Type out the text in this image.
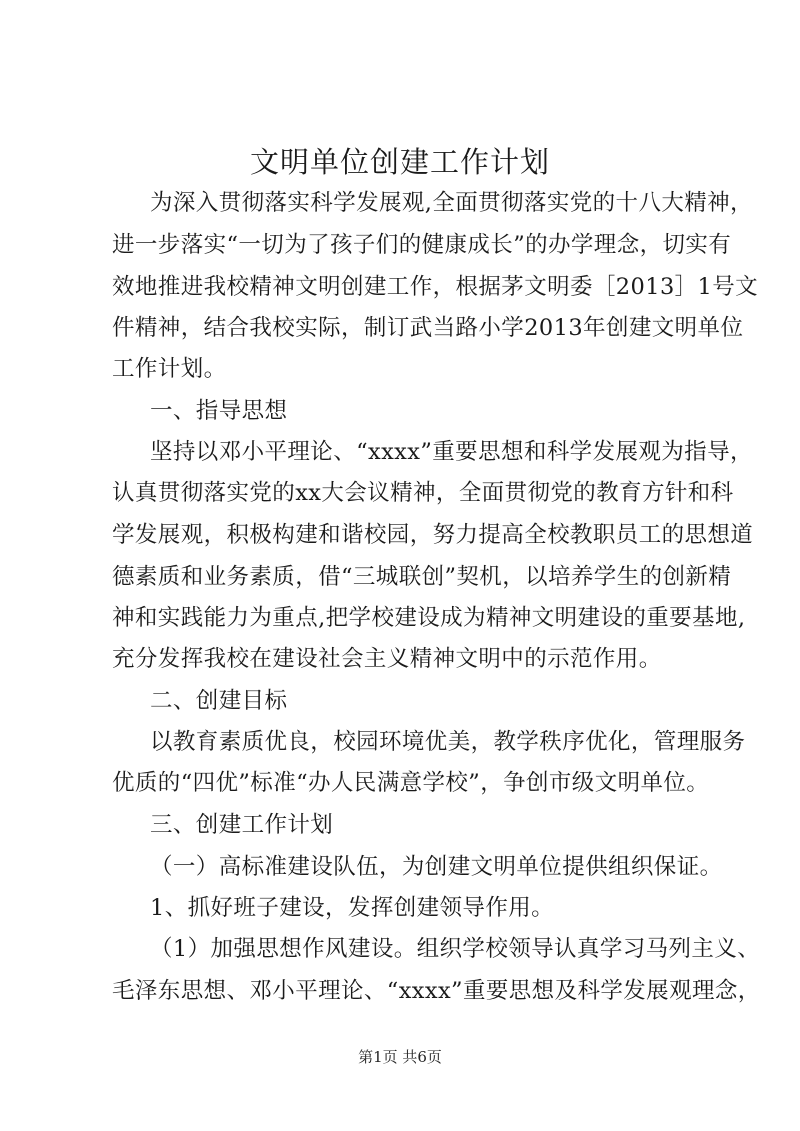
文明单位创建工作计划
为深入贯彻落实科学发展观,全面贯彻落实党的十八大精神，
进一步落实“一切为了孩子们的健康成长”的办学理念，切实有
效地推进我校精神文明创建工作，根据茅文明委［2013］1号文
件精神，结合我校实际，制订武当路小学2013年创建文明单位
工作计划。
一、指导思想
坚持以邓小平理论、“xxxx”重要思想和科学发展观为指导，
认真贯彻落实党的xx大会议精神，全面贯彻党的教育方针和科
学发展观，积极构建和谐校园，努力提高全校教职员工的思想道
德素质和业务素质，借“三城联创”契机，以培养学生的创新精
神和实践能力为重点,把学校建设成为精神文明建设的重要基地,
充分发挥我校在建设社会主义精神文明中的示范作用。
二、创建目标
以教育素质优良，校园环境优美，教学秩序优化，管理服务
优质的“四优”标准“办人民满意学校”，争创市级文明单位。
三、创建工作计划
（一）高标准建设队伍，为创建文明单位提供组织保证。
1、抓好班子建设，发挥创建领导作用。
（1）加强思想作风建设。组织学校领导认真学习马列主义、
毛泽东思想、邓小平理论、“xxxx”重要思想及科学发展观理念，
第1页 共6页
